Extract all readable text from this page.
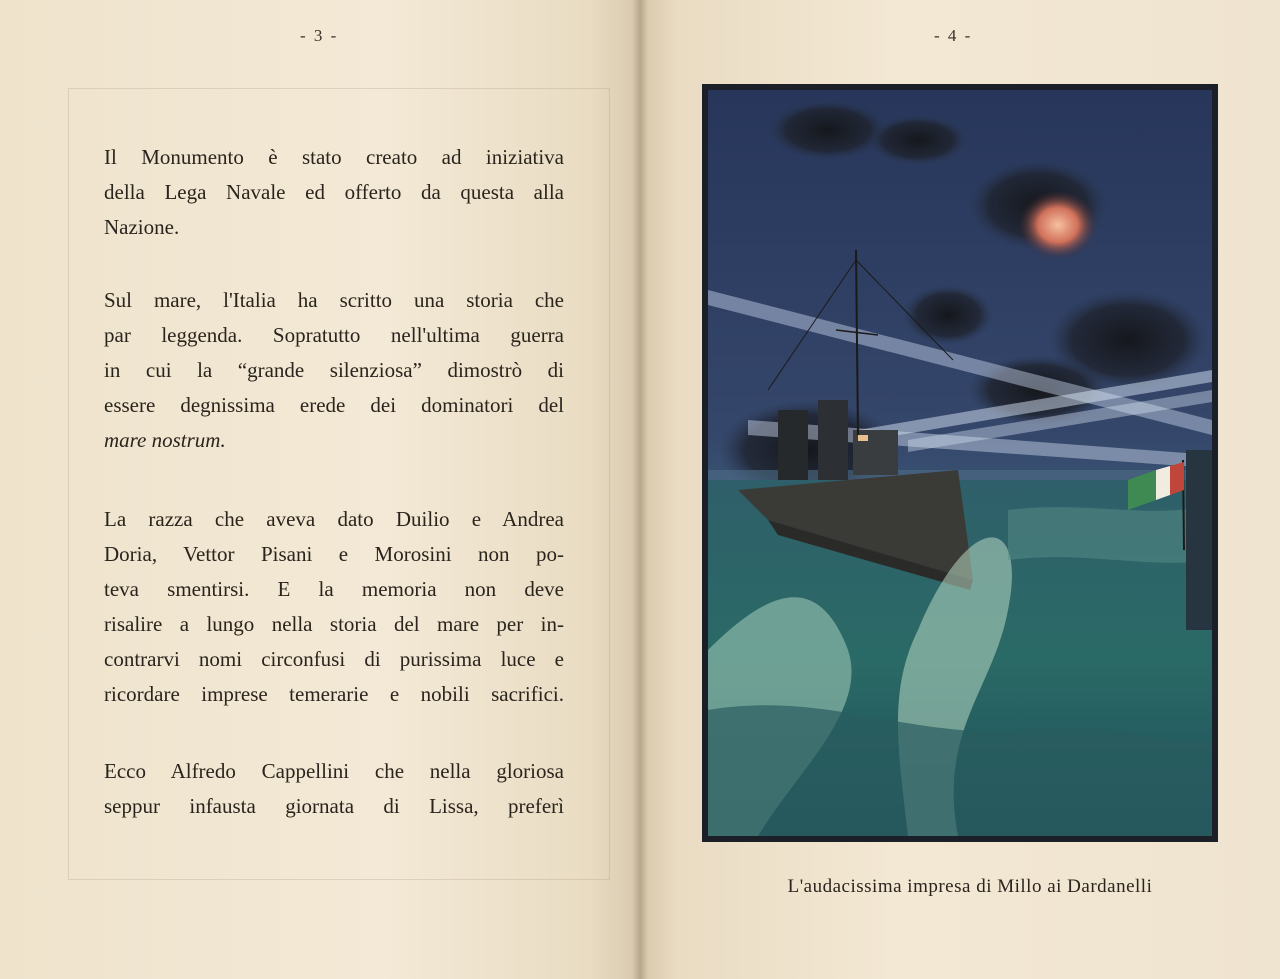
- 3 -
Il Monumento è stato creato ad iniziativa
della Lega Navale ed offerto da questa alla
Nazione.
Sul mare, l'Italia ha scritto una storia che
par leggenda. Sopratutto nell'ultima guerra
in cui la “grande silenziosa” dimostrò di
essere degnissima erede dei dominatori del
mare nostrum.
La razza che aveva dato Duilio e Andrea
Doria, Vettor Pisani e Morosini non po-
teva smentirsi. E la memoria non deve
risalire a lungo nella storia del mare per in-
contrarvi nomi circonfusi di purissima luce e
ricordare imprese temerarie e nobili sacrifici.
Ecco Alfredo Cappellini che nella gloriosa
seppur infausta giornata di Lissa, preferì
- 4 -
L'audacissima impresa di Millo ai Dardanelli
